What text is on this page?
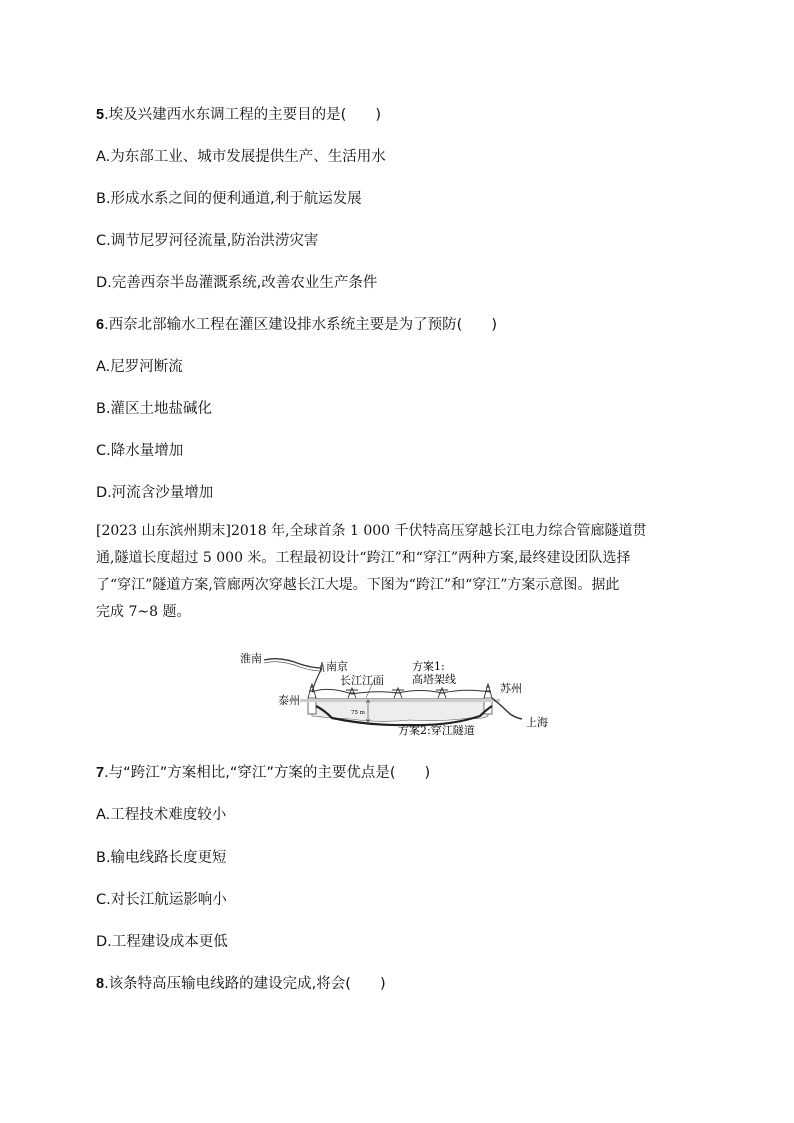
5.埃及兴建西水东调工程的主要目的是(　　)
A.为东部工业、城市发展提供生产、生活用水
B.形成水系之间的便利通道,利于航运发展
C.调节尼罗河径流量,防治洪涝灾害
D.完善西奈半岛灌溉系统,改善农业生产条件
6.西奈北部输水工程在灌区建设排水系统主要是为了预防(　　)
A.尼罗河断流
B.灌区土地盐碱化
C.降水量增加
D.河流含沙量增加
[2023 山东滨州期末]2018 年,全球首条 1 000 千伏特高压穿越长江电力综合管廊隧道贯
通,隧道长度超过 5 000 米。工程最初设计“跨江”和“穿江”两种方案,最终建设团队选择
了“穿江”隧道方案,管廊两次穿越长江大堤。下图为“跨江”和“穿江”方案示意图。据此
完成 7~8 题。
淮南
南京
泰州
苏州
上海
长江江面
方案1:
高塔架线
方案2:穿江隧道
75 m
7.与“跨江”方案相比,“穿江”方案的主要优点是(　　)
A.工程技术难度较小
B.输电线路长度更短
C.对长江航运影响小
D.工程建设成本更低
8.该条特高压输电线路的建设完成,将会(　　)
